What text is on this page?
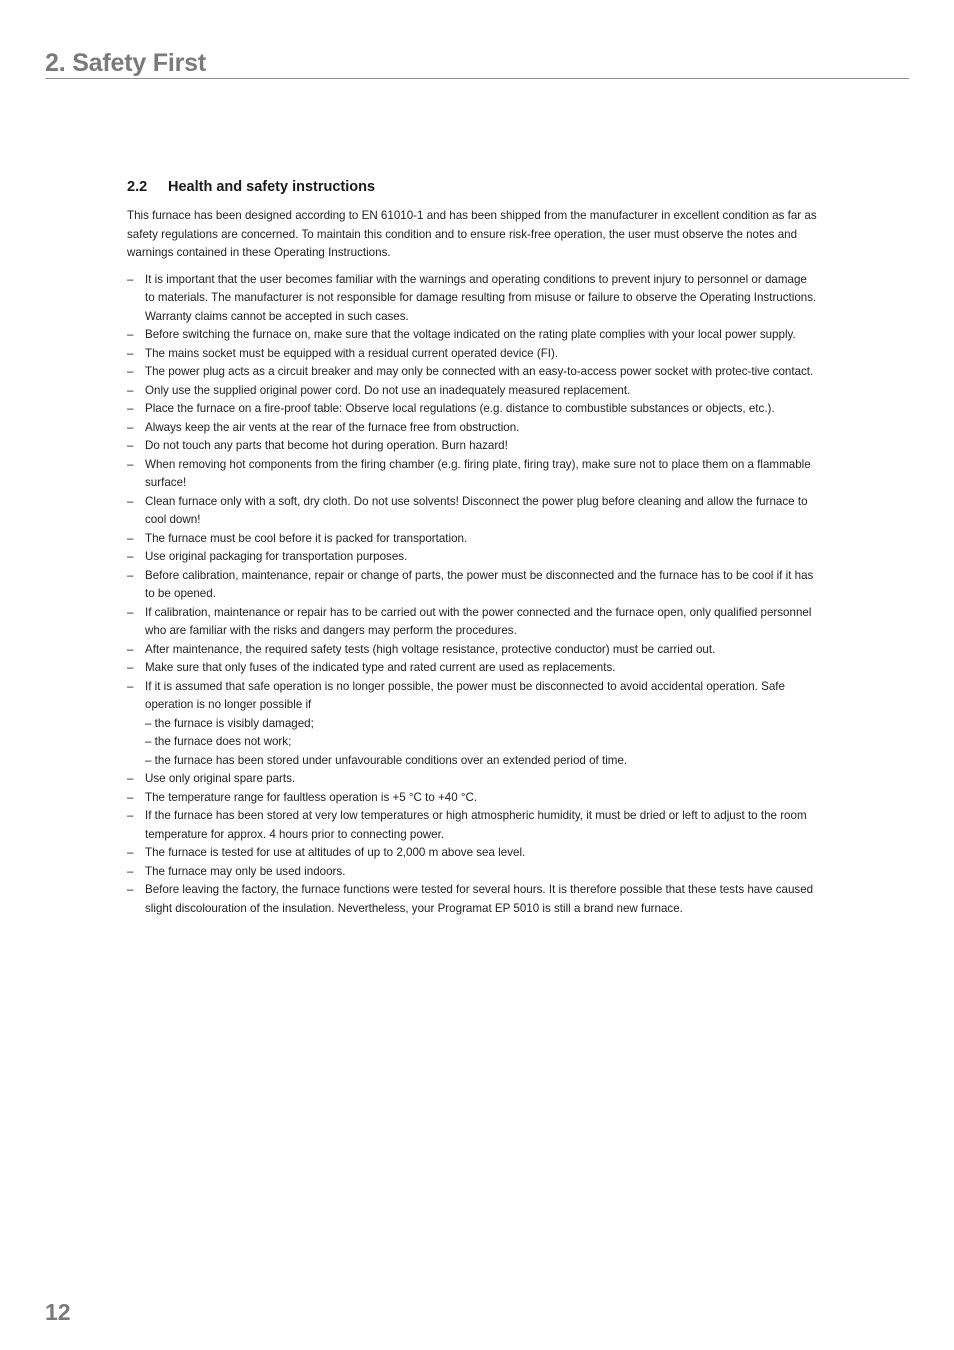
2. Safety First
2.2 Health and safety instructions

This furnace has been designed according to EN 61010-1 and has been shipped from the manufacturer in excellent condition as far as safety regulations are concerned. To maintain this condition and to ensure risk-free operation, the user must observe the notes and warnings contained in these Operating Instructions.

– It is important that the user becomes familiar with the warnings and operating conditions to prevent injury to personnel or damage to materials. The manufacturer is not responsible for damage resulting from misuse or failure to observe the Operating Instructions. Warranty claims cannot be accepted in such cases.
– Before switching the furnace on, make sure that the voltage indicated on the rating plate complies with your local power supply.
– The mains socket must be equipped with a residual current operated device (FI).
– The power plug acts as a circuit breaker and may only be connected with an easy-to-access power socket with protec-tive contact.
– Only use the supplied original power cord. Do not use an inadequately measured replacement.
– Place the furnace on a fire-proof table: Observe local regulations (e.g. distance to combustible substances or objects, etc.).
– Always keep the air vents at the rear of the furnace free from obstruction.
– Do not touch any parts that become hot during operation. Burn hazard!
– When removing hot components from the firing chamber (e.g. firing plate, firing tray), make sure not to place them on a flammable surface!
– Clean furnace only with a soft, dry cloth. Do not use solvents! Disconnect the power plug before cleaning and allow the furnace to cool down!
– The furnace must be cool before it is packed for transportation.
– Use original packaging for transportation purposes.
– Before calibration, maintenance, repair or change of parts, the power must be disconnected and the furnace has to be cool if it has to be opened.
– If calibration, maintenance or repair has to be carried out with the power connected and the furnace open, only qualified personnel who are familiar with the risks and dangers may perform the procedures.
– After maintenance, the required safety tests (high voltage resistance, protective conductor) must be carried out.
– Make sure that only fuses of the indicated type and rated current are used as replacements.
– If it is assumed that safe operation is no longer possible, the power must be disconnected to avoid accidental operation. Safe operation is no longer possible if
– the furnace is visibly damaged;
– the furnace does not work;
– the furnace has been stored under unfavourable conditions over an extended period of time.
– Use only original spare parts.
– The temperature range for faultless operation is +5 °C to +40 °C.
– If the furnace has been stored at very low temperatures or high atmospheric humidity, it must be dried or left to adjust to the room temperature for approx. 4 hours prior to connecting power.
– The furnace is tested for use at altitudes of up to 2,000 m above sea level.
– The furnace may only be used indoors.
– Before leaving the factory, the furnace functions were tested for several hours. It is therefore possible that these tests have caused slight discolouration of the insulation. Nevertheless, your Programat EP 5010 is still a brand new furnace.
12
